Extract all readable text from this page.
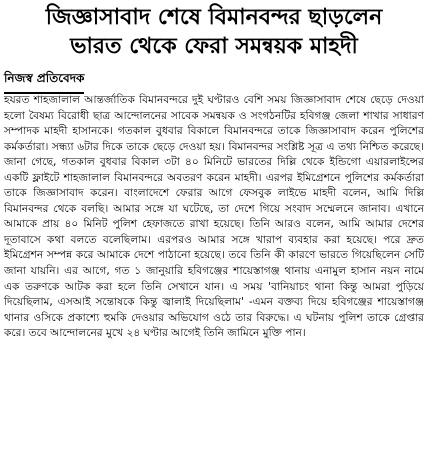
জিজ্ঞাসাবাদ শেষে বিমানবন্দর ছাড়লেন
ভারত থেকে ফেরা সমন্বয়ক মাহদী
নিজস্ব প্রতিবেদক

হযরত শাহজালাল আন্তর্জাতিক বিমানবন্দরে দুই ঘণ্টারও বেশি সময় জিজ্ঞাসাবাদ শেষে ছেড়ে দেওয়া হলো বৈষম্য বিরোধী ছাত্র আন্দোলনের সাবেক সমন্বয়ক ও সংগঠনটির হবিগঞ্জ জেলা শাখার সাধারণ সম্পাদক মাহদী হাসানকে। গতকাল বুধবার বিকালে বিমানবন্দরে তাকে জিজ্ঞাসাবাদ করেন পুলিশের কর্মকর্তারা। সন্ধ্যা ৬টার দিকে তাকে ছেড়ে দেওয়া হয়। বিমানবন্দর সংশ্লিষ্ট সূত্র এ তথ্য নিশ্চিত করেছে। জানা গেছে, গতকাল বুধবার বিকাল ৩টা ৪০ মিনিটে ভারতের দিল্লি থেকে ইন্ডিগো এয়ারলাইন্সের একটি ফ্লাইটে শাহজালাল বিমানবন্দরে অবতরণ করেন মাহদী। এরপর ইমিগ্রেশনে পুলিশের কর্মকর্তারা তাকে জিজ্ঞাসাবাদ করেন। বাংলাদেশে ফেরার আগে ফেসবুক লাইভে মাহদী বলেন, আমি দিল্লি বিমানবন্দর থেকে বলছি। আমার সঙ্গে যা ঘটেছে, তা দেশে গিয়ে সংবাদ সম্মেলনে জানাব। এখানে আমাকে প্রায় ৪০ মিনিট পুলিশ হেফাজতে রাখা হয়েছে। তিনি আরও বলেন, আমি আমার দেশের দূতাবাসে কথা বলতে বলেছিলাম। এরপরও আমার সঙ্গে খারাপ ব্যবহার করা হয়েছে। পরে দ্রুত ইমিগ্রেশন সম্পন্ন করে আমাকে দেশে পাঠানো হয়েছে। তবে তিনি কী কারণে ভারতে গিয়েছিলেন সেটি জানা যায়নি। এর আগে, গত ১ জানুয়ারি হবিগঞ্জের শায়েস্তাগঞ্জ থানায় এনামুল হাসান নয়ন নামে এক তরুণকে আটক করা হলে তিনি সেখানে যান। এ সময় 'বানিয়াচং থানা কিন্তু আমরা পুড়িয়ে দিয়েছিলাম, এসআই সন্তোষকে কিন্তু জ্বালাই দিয়েছিলাম' -এমন বক্তব্য দিয়ে হবিগঞ্জের শায়েস্তাগঞ্জ থানার ওসিকে প্রকাশ্যে হুমকি দেওয়ার অভিযোগ ওঠে তার বিরুদ্ধে। এ ঘটনায় পুলিশ তাকে গ্রেপ্তার করে। তবে আন্দোলনের মুখে ২৪ ঘণ্টার আগেই তিনি জামিনে মুক্তি পান।
